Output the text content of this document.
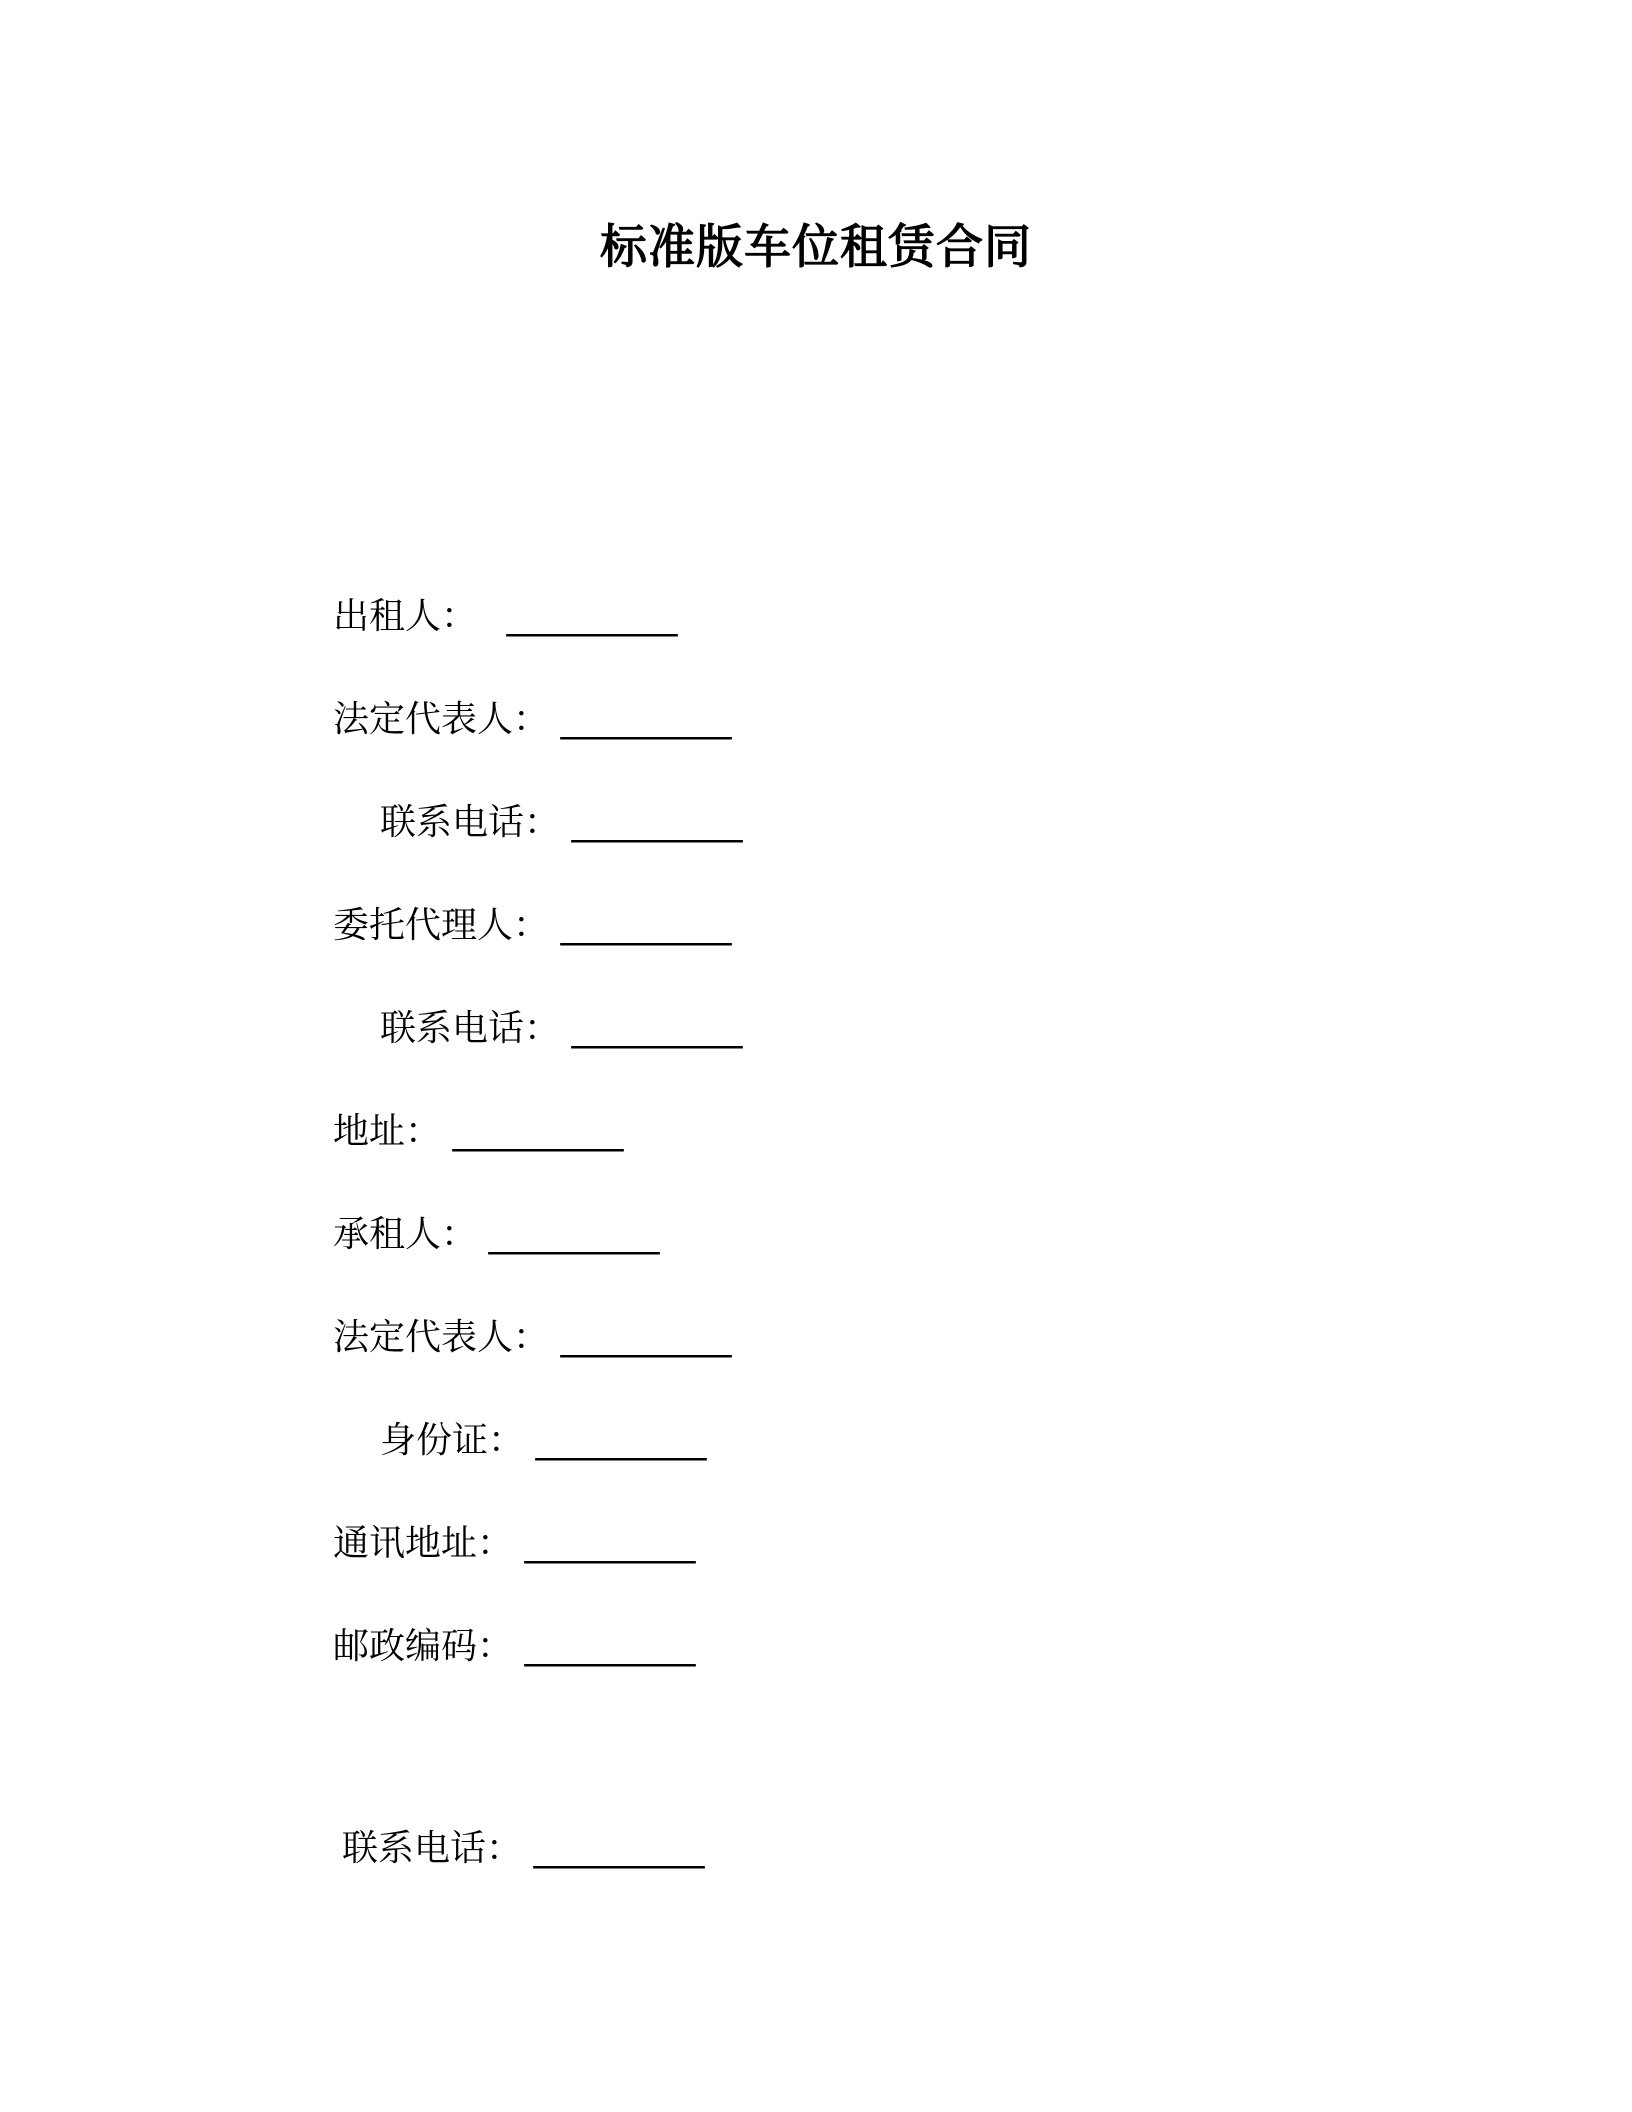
标准版车位租赁合同
出租人： __________
法定代表人： __________
联系电话： __________
委托代理人： __________
联系电话： __________
地址： __________
承租人： __________
法定代表人： __________
身份证： __________
通讯地址： __________
邮政编码： __________
联系电话： __________
